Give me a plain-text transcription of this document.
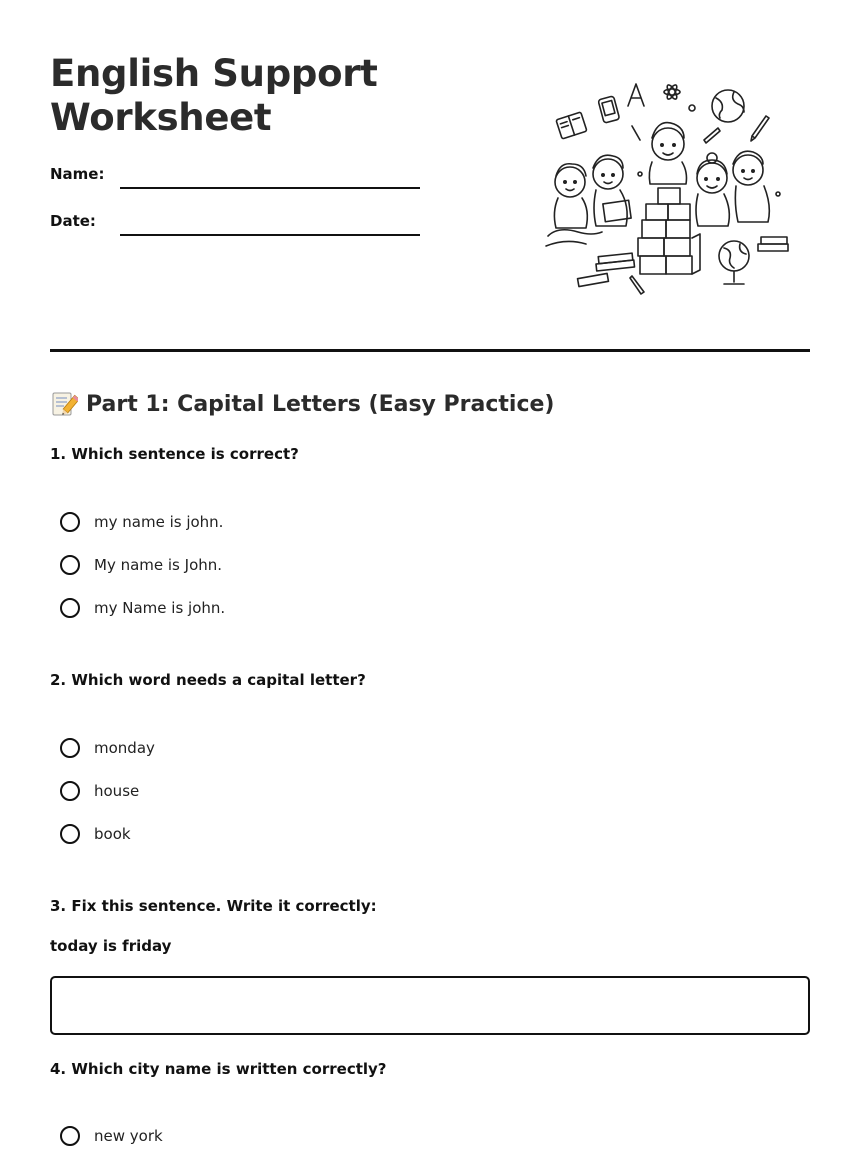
English Support
Worksheet
Name:
Date:
Part 1: Capital Letters (Easy Practice)
1. Which sentence is correct?
my name is john.
My name is John.
my Name is john.
2. Which word needs a capital letter?
monday
house
book
3. Fix this sentence. Write it correctly:
today is friday
4. Which city name is written correctly?
new york
